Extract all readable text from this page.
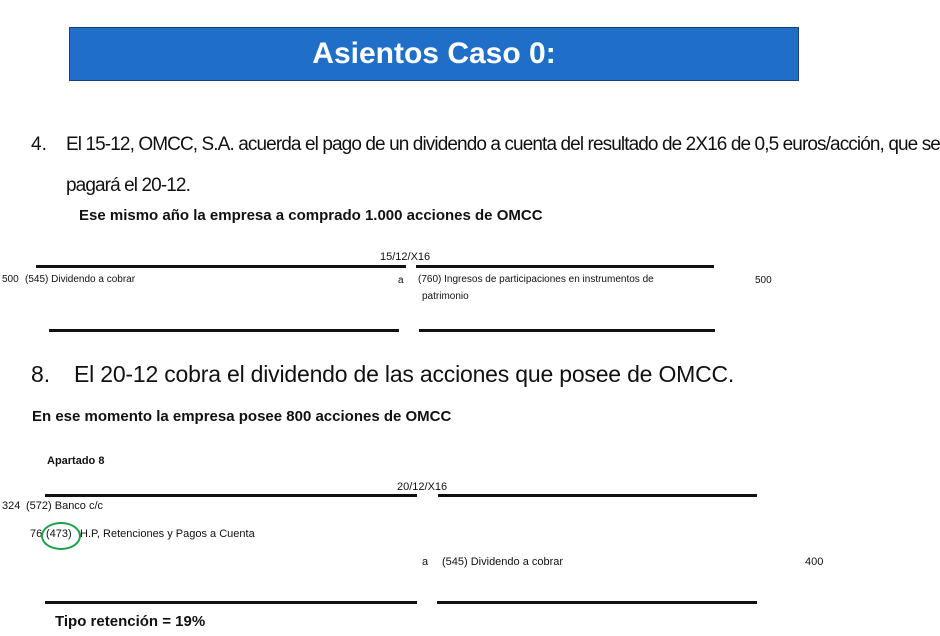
Asientos Caso 0:
4. El 15-12, OMCC, S.A. acuerda el pago de un dividendo a cuenta del resultado de 2X16 de 0,5 euros/acción, que se
pagará el 20-12.
Ese mismo año la empresa a comprado 1.000 acciones de OMCC
15/12/X16
500 (545) Dividendo a cobrar	a (760) Ingresos de participaciones en instrumentos de
patrimonio
500
8. El 20-12 cobra el dividendo de las acciones que posee de OMCC.
En ese momento la empresa posee 800 acciones de OMCC
Apartado 8
20/12/X16
324 (572) Banco c/c
76 (473) H.P, Retenciones y Pagos a Cuenta
a (545) Dividendo a cobrar	400
Tipo retención = 19%
